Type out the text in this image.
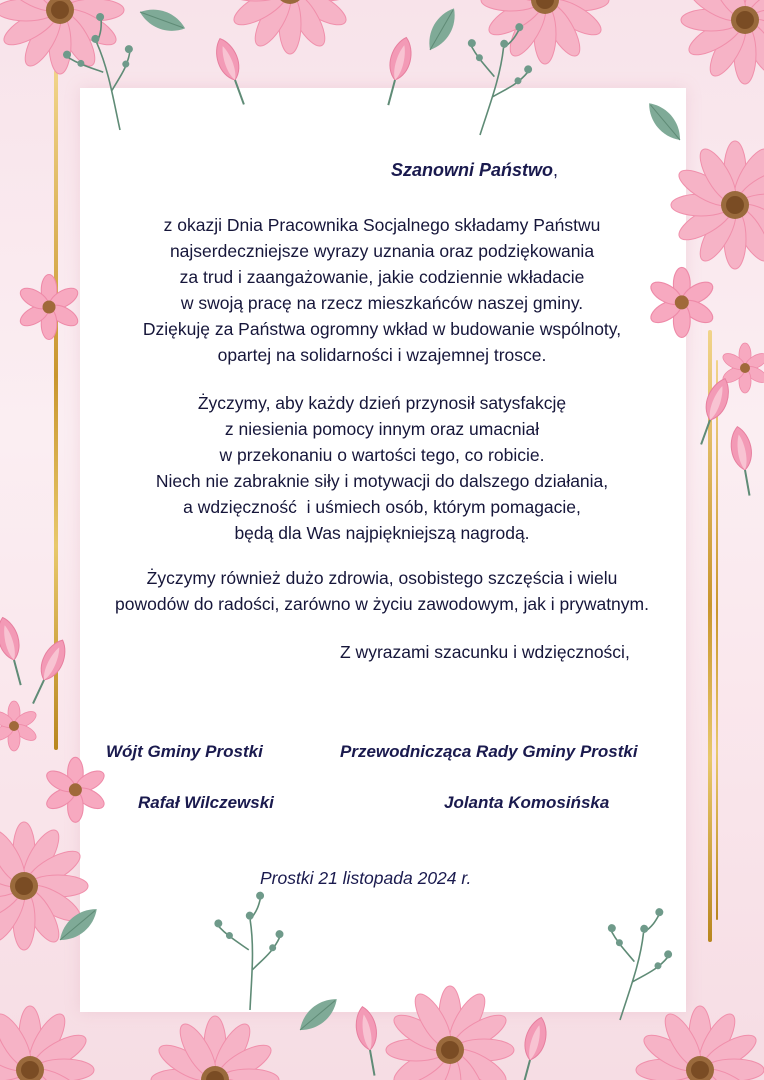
Szanowni Państwo,

z okazji Dnia Pracownika Socjalnego składamy Państwu
najserdeczniejsze wyrazy uznania oraz podziękowania
za trud i zaangażowanie, jakie codziennie wkładacie
w swoją pracę na rzecz mieszkańców naszej gminy.
Dziękuję za Państwa ogromny wkład w budowanie wspólnoty,
opartej na solidarności i wzajemnej trosce.

Życzymy, aby każdy dzień przynosił satysfakcję
z niesienia pomocy innym oraz umacniał
w przekonaniu o wartości tego, co robicie.
Niech nie zabraknie siły i motywacji do dalszego działania,
a wdzięczność  i uśmiech osób, którym pomagacie,
będą dla Was najpiękniejszą nagrodą.

Życzymy również dużo zdrowia, osobistego szczęścia i wielu
powodów do radości, zarówno w życiu zawodowym, jak i prywatnym.

Z wyrazami szacunku i wdzięczności,

Wójt Gminy Prostki	Przewodnicząca Rady Gminy Prostki

Rafał Wilczewski	Jolanta Komosińska

Prostki 21 listopada 2024 r.
